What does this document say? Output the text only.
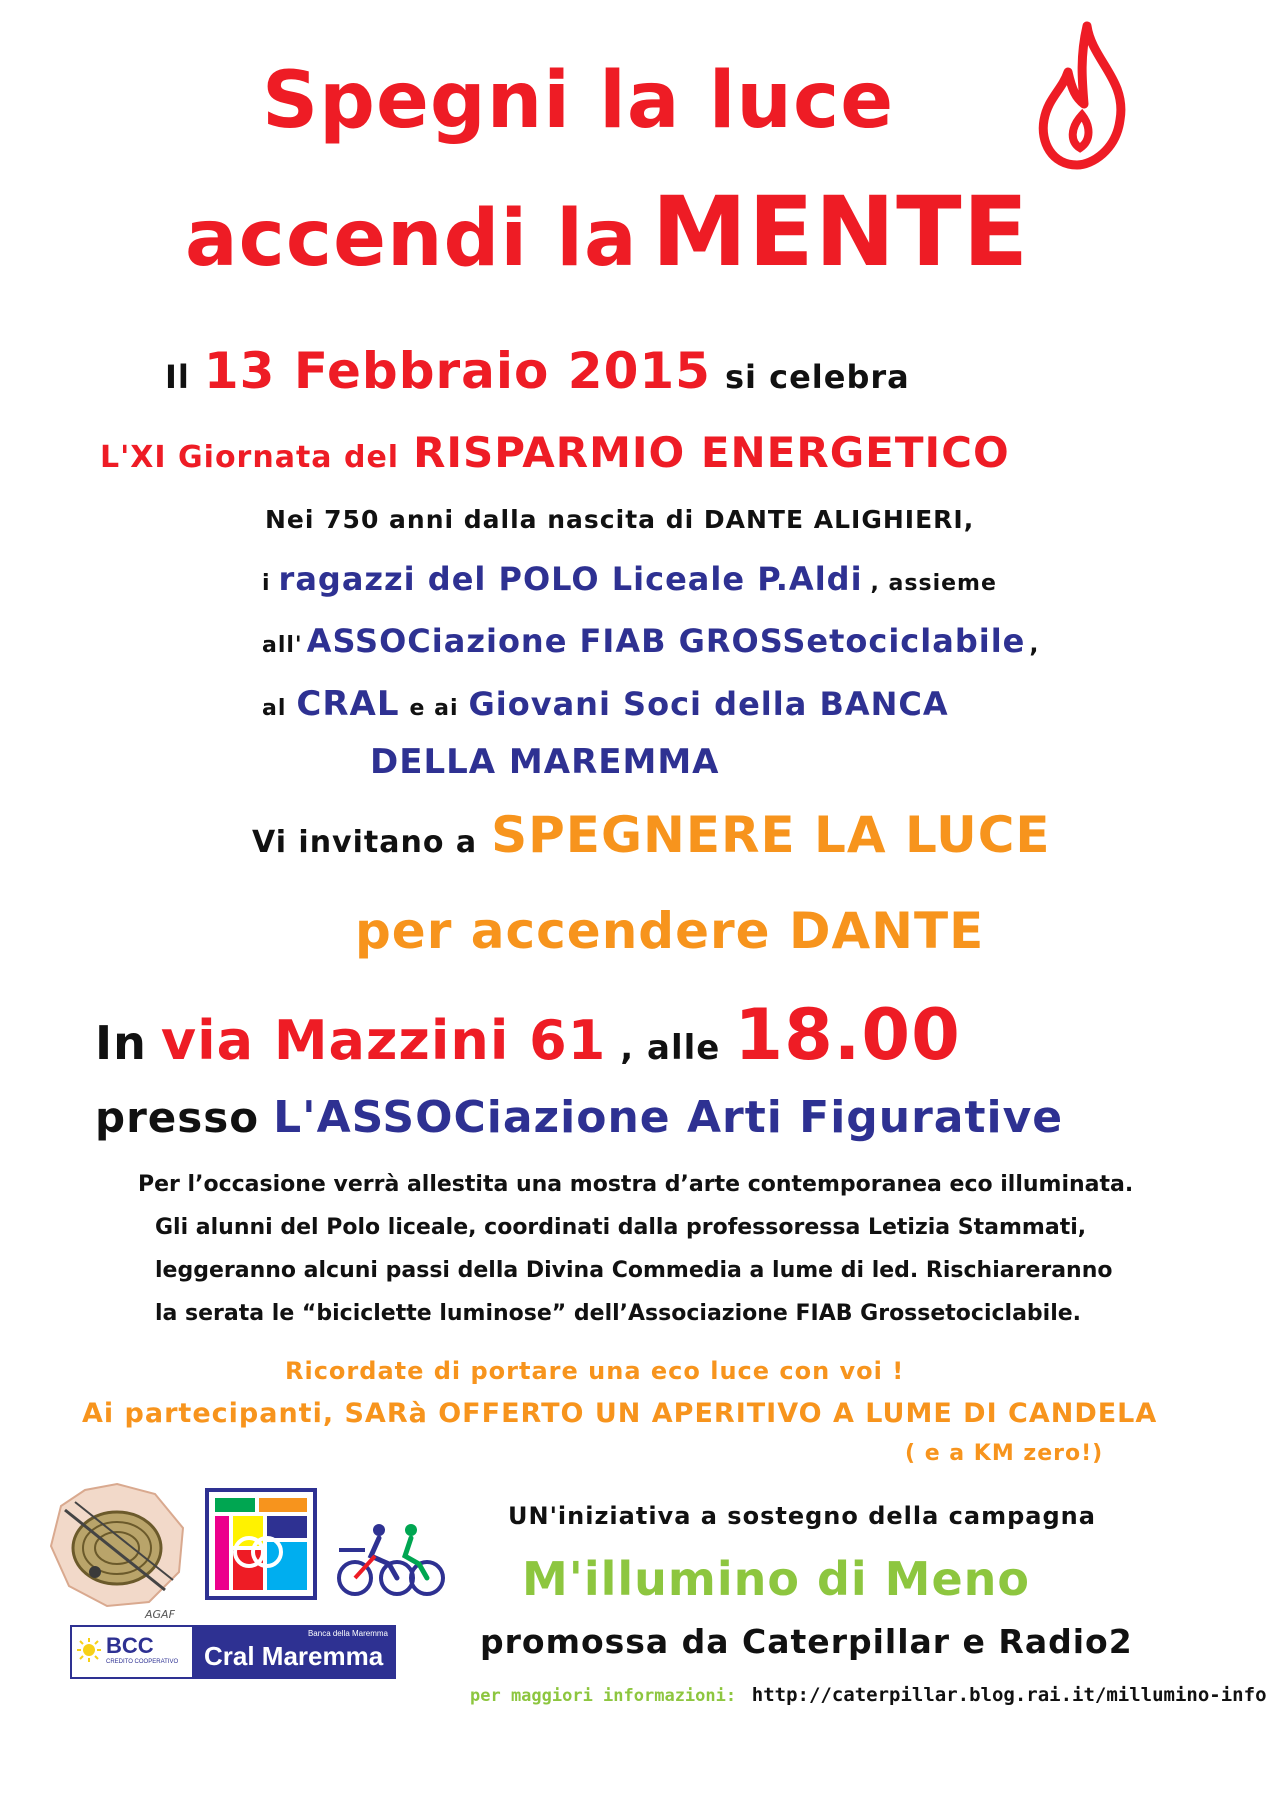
Spegni la luce
accendi la MENTE
Il 13 Febbraio 2015 si celebra
L'XI Giornata del RISPARMIO ENERGETICO
Nei 750 anni dalla nascita di DANTE ALIGHIERI,
i ragazzi del POLO Liceale P.Aldi , assieme
all' ASSOCiazione FIAB GROSSetociclabile ,
al CRAL e ai Giovani Soci della BANCA
DELLA MAREMMA
Vi invitano a SPEGNERE LA LUCE
per accendere DANTE
In via Mazzini 61 , alle 18.00
presso L'ASSOCiazione Arti Figurative
Per l’occasione verrà allestita una mostra d’arte contemporanea eco illuminata.
Gli alunni del Polo liceale, coordinati dalla professoressa Letizia Stammati,
leggeranno alcuni passi della Divina Commedia a lume di led. Rischiareranno
la serata le “biciclette luminose” dell’Associazione FIAB Grossetociclabile.
Ricordate di portare una eco luce con voi !
Ai partecipanti, SARà OFFERTO UN APERITIVO A LUME DI CANDELA
( e a KM zero!)
AGAF
BCC
CREDITO COOPERATIVO
Banca della Maremma
Cral Maremma
UN'iniziativa a sostegno della campagna
M'illumino di Meno
promossa da Caterpillar e Radio2
per maggiori informazioni: http://caterpillar.blog.rai.it/millumino-info
